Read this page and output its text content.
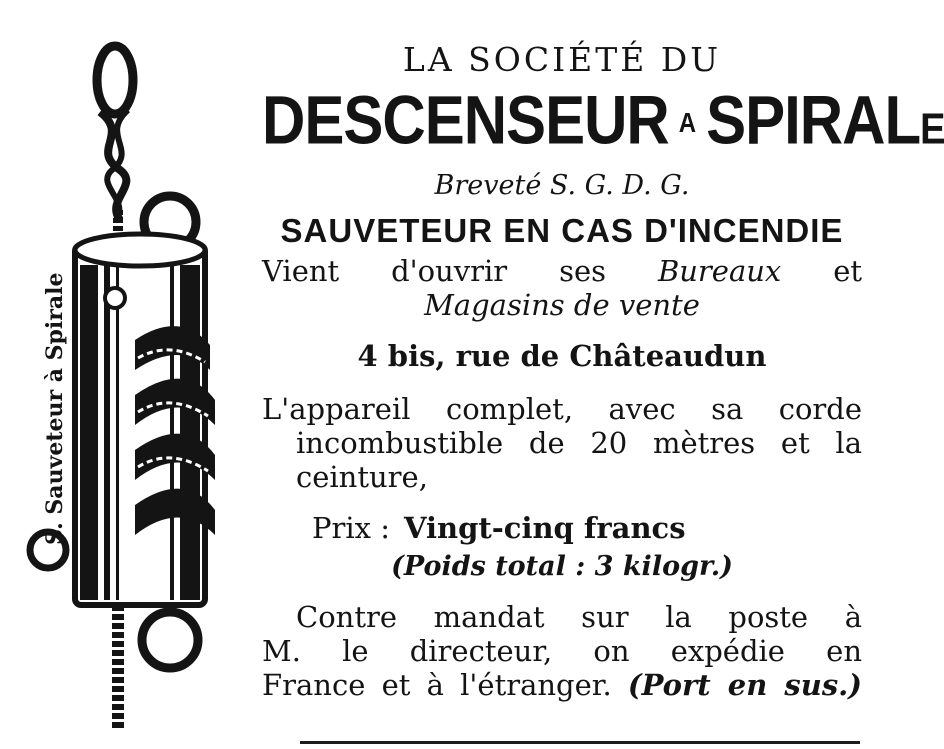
S. Sauveteur à Spirale
LA SOCIÉTÉ DU
DESCENSEUR A SPIRALE
Breveté S. G. D. G.
SAUVETEUR EN CAS D'INCENDIE
Vient d'ouvrir ses Bureaux et
Magasins de vente
4 bis, rue de Châteaudun
L'appareil complet, avec sa corde
incombustible de 20 mètres et la
ceinture,
Prix : Vingt-cinq francs
(Poids total : 3 kilogr.)
Contre mandat sur la poste à
M. le directeur, on expédie en
France et à l'étranger. (Port en sus.)
